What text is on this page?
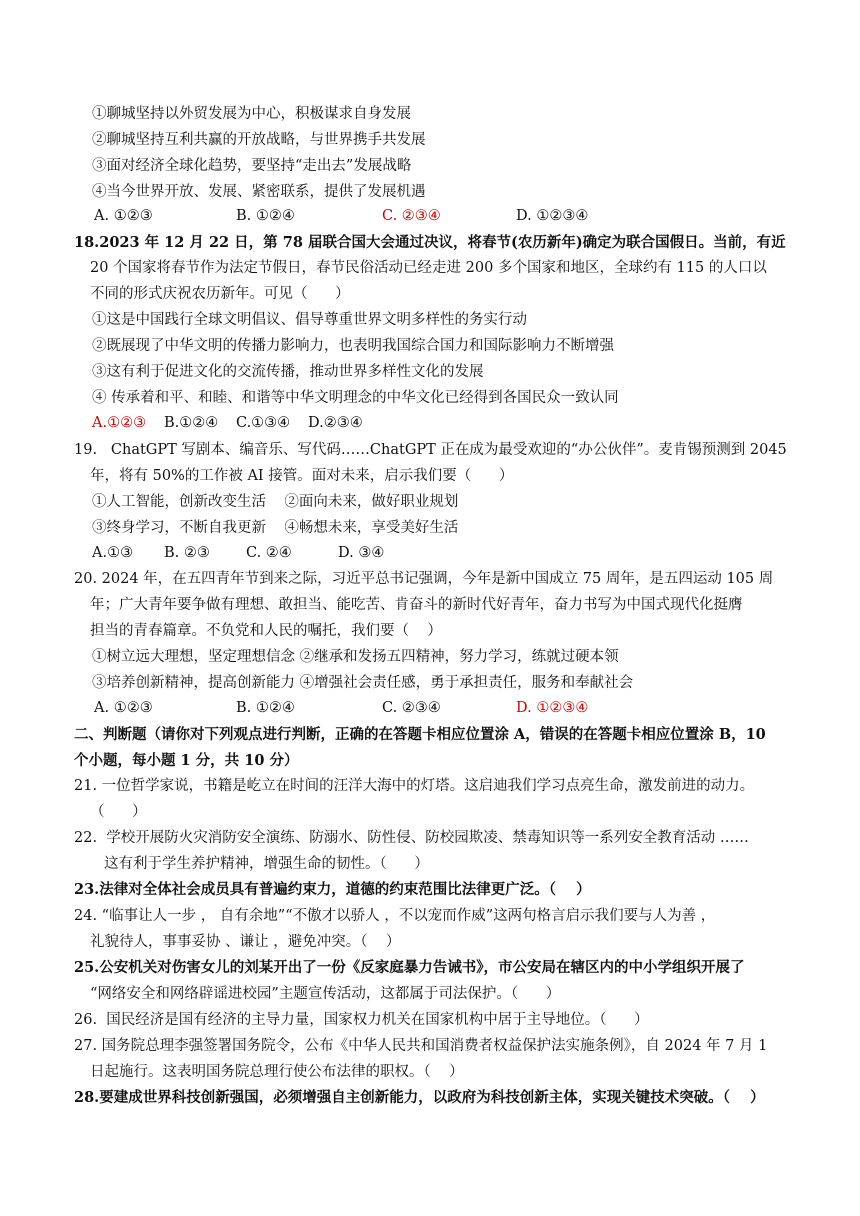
①聊城坚持以外贸发展为中心，积极谋求自身发展
②聊城坚持互利共赢的开放战略，与世界携手共发展
③面对经济全球化趋势，要坚持“走出去”发展战略
④当今世界开放、发展、紧密联系，提供了发展机遇
A. ①②③	B. ①②④	C. ②③④	D. ①②③④
18.2023 年 12 月 22 日，第 78 届联合国大会通过决议，将春节(农历新年)确定为联合国假日。当前，有近
20 个国家将春节作为法定节假日，春节民俗活动已经走进 200 多个国家和地区，全球约有 115 的人口以
不同的形式庆祝农历新年。可见（      ）
①这是中国践行全球文明倡议、倡导尊重世界文明多样性的务实行动
②既展现了中华文明的传播力影响力，也表明我国综合国力和国际影响力不断增强
③这有利于促进文化的交流传播，推动世界多样性文化的发展
④ 传承着和平、和睦、和谐等中华文明理念的中华文化已经得到各国民众一致认同
A.①②③ B.①②④ C.①③④ D.②③④
19.   ChatGPT 写剧本、编音乐、写代码……ChatGPT 正在成为最受欢迎的“办公伙伴”。麦肯锡预测到 2045
年，将有 50%的工作被 AI 接管。面对未来，启示我们要（      ）
①人工智能，创新改变生活    ②面向未来，做好职业规划
③终身学习，不断自我更新    ④畅想未来，享受美好生活
A.①③ B. ②③ C. ②④	D. ③④
20. 2024 年，在五四青年节到来之际，习近平总书记强调，今年是新中国成立 75 周年，是五四运动 105 周
年；广大青年要争做有理想、敢担当、能吃苦、肯奋斗的新时代好青年，奋力书写为中国式现代化挺膺
担当的青春篇章。不负党和人民的嘱托，我们要（    ）
①树立远大理想，坚定理想信念 ②继承和发扬五四精神，努力学习，练就过硬本领
③培养创新精神，提高创新能力 ④增强社会责任感，勇于承担责任，服务和奉献社会
A. ①②③	B. ①②④	C. ②③④	D. ①②③④
二、判断题（请你对下列观点进行判断，正确的在答题卡相应位置涂 A，错误的在答题卡相应位置涂 B，10
个小题，每小题 1 分，共 10 分）
21. 一位哲学家说，书籍是屹立在时间的汪洋大海中的灯塔。这启迪我们学习点亮生命，激发前进的动力。
（      ）
22.  学校开展防火灾消防安全演练、防溺水、防性侵、防校园欺凌、禁毒知识等一系列安全教育活动 ……
这有利于学生养护精神，增强生命的韧性。（      ）
23.法律对全体社会成员具有普遍约束力，道德的约束范围比法律更广泛。（    ）
24. “临事让人一步 ， 自有余地”“不傲才以骄人 ，不以宠而作威”这两句格言启示我们要与人为善 ，
礼貌待人，事事妥协 、谦让 ，避免冲突。（    ）
25.公安机关对伤害女儿的刘某开出了一份《反家庭暴力告诫书》，市公安局在辖区内的中小学组织开展了
“网络安全和网络辟谣进校园”主题宣传活动，这都属于司法保护。（      ）
26.  国民经济是国有经济的主导力量，国家权力机关在国家机构中居于主导地位。（      ）
27. 国务院总理李强签署国务院令，公布《中华人民共和国消费者权益保护法实施条例》，自 2024 年 7 月 1
日起施行。这表明国务院总理行使公布法律的职权。（    ）
28.要建成世界科技创新强国，必须增强自主创新能力，以政府为科技创新主体，实现关键技术突破。（    ）
